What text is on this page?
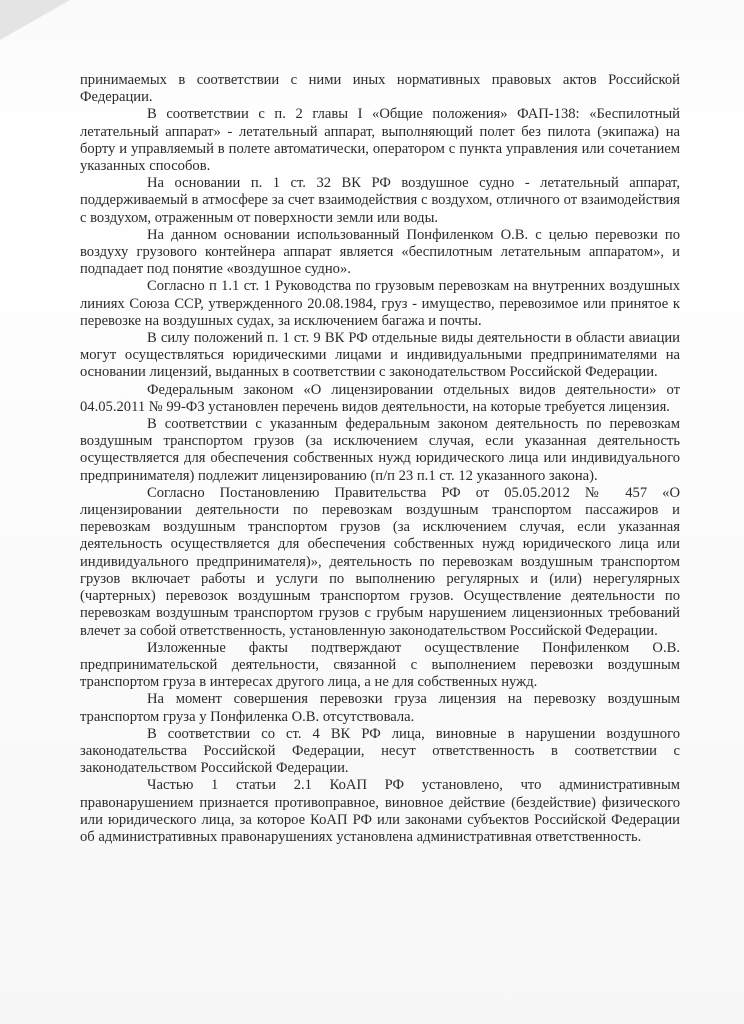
принимаемых в соответствии с ними иных нормативных правовых актов Российской Федерации.

В соответствии с п. 2 главы I «Общие положения» ФАП-138: «Беспилотный летательный аппарат» - летательный аппарат, выполняющий полет без пилота (экипажа) на борту и управляемый в полете автоматически, оператором с пункта управления или сочетанием указанных способов.

На основании п. 1 ст. 32 ВК РФ воздушное судно - летательный аппарат, поддерживаемый в атмосфере за счет взаимодействия с воздухом, отличного от взаимодействия с воздухом, отраженным от поверхности земли или воды.

На данном основании использованный Понфиленком О.В. с целью перевозки по воздуху грузового контейнера аппарат является «беспилотным летательным аппаратом», и подпадает под понятие «воздушное судно».

Согласно п 1.1 ст. 1 Руководства по грузовым перевозкам на внутренних воздушных линиях Союза ССР, утвержденного 20.08.1984, груз - имущество, перевозимое или принятое к перевозке на воздушных судах, за исключением багажа и почты.

В силу положений п. 1 ст. 9 ВК РФ отдельные виды деятельности в области авиации могут осуществляться юридическими лицами и индивидуальными предпринимателями на основании лицензий, выданных в соответствии с законодательством Российской Федерации.

Федеральным законом «О лицензировании отдельных видов деятельности» от 04.05.2011 № 99-ФЗ установлен перечень видов деятельности, на которые требуется лицензия.

В соответствии с указанным федеральным законом деятельность по перевозкам воздушным транспортом грузов (за исключением случая, если указанная деятельность осуществляется для обеспечения собственных нужд юридического лица или индивидуального предпринимателя) подлежит лицензированию (п/п 23 п.1 ст. 12 указанного закона).

Согласно Постановлению Правительства РФ от 05.05.2012 № 457 «О лицензировании деятельности по перевозкам воздушным транспортом пассажиров и перевозкам воздушным транспортом грузов (за исключением случая, если указанная деятельность осуществляется для обеспечения собственных нужд юридического лица или индивидуального предпринимателя)», деятельность по перевозкам воздушным транспортом грузов включает работы и услуги по выполнению регулярных и (или) нерегулярных (чартерных) перевозок воздушным транспортом грузов. Осуществление деятельности по перевозкам воздушным транспортом грузов с грубым нарушением лицензионных требований влечет за собой ответственность, установленную законодательством Российской Федерации.

Изложенные факты подтверждают осуществление Понфиленком О.В. предпринимательской деятельности, связанной с выполнением перевозки воздушным транспортом груза в интересах другого лица, а не для собственных нужд.

На момент совершения перевозки груза лицензия на перевозку воздушным транспортом груза у Понфиленка О.В. отсутствовала.

В соответствии со ст. 4 ВК РФ лица, виновные в нарушении воздушного законодательства Российской Федерации, несут ответственность в соответствии с законодательством Российской Федерации.

Частью 1 статьи 2.1 КоАП РФ установлено, что административным правонарушением признается противоправное, виновное действие (бездействие) физического или юридического лица, за которое КоАП РФ или законами субъектов Российской Федерации об административных правонарушениях установлена административная ответственность.
